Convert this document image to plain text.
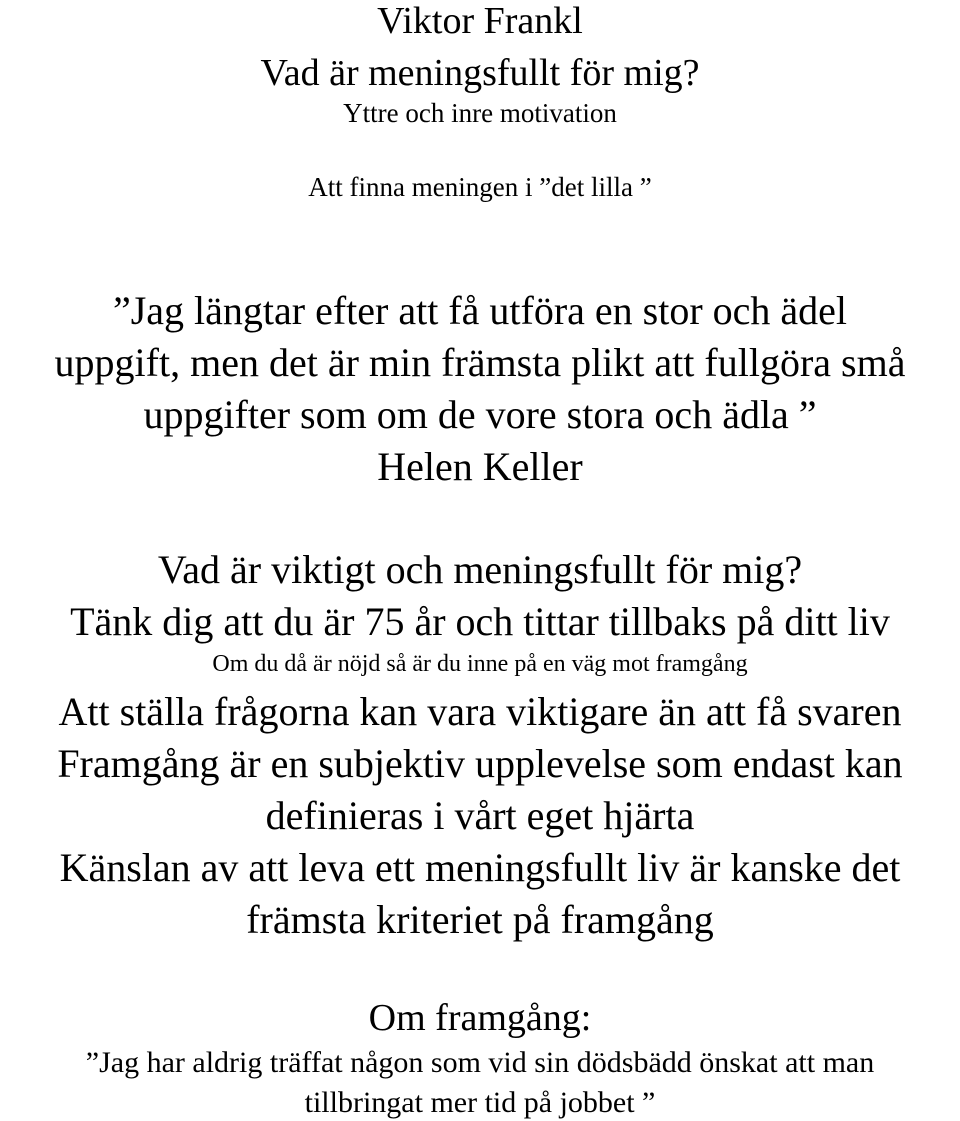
Viktor Frankl
Vad är meningsfullt för mig?
Yttre och inre motivation
Att finna meningen i ”det lilla ”
”Jag längtar efter att få utföra en stor och ädel
uppgift, men det är min främsta plikt att fullgöra små
uppgifter som om de vore stora och ädla ”
Helen Keller
Vad är viktigt och meningsfullt för mig?
Tänk dig att du är 75 år och tittar tillbaks på ditt liv
Om du då är nöjd så är du inne på en väg mot framgång
Att ställa frågorna kan vara viktigare än att få svaren
Framgång är en subjektiv upplevelse som endast kan
definieras i vårt eget hjärta
Känslan av att leva ett meningsfullt liv är kanske det
främsta kriteriet på framgång
Om framgång:
”Jag har aldrig träffat någon som vid sin dödsbädd önskat att man
tillbringat mer tid på jobbet ”
